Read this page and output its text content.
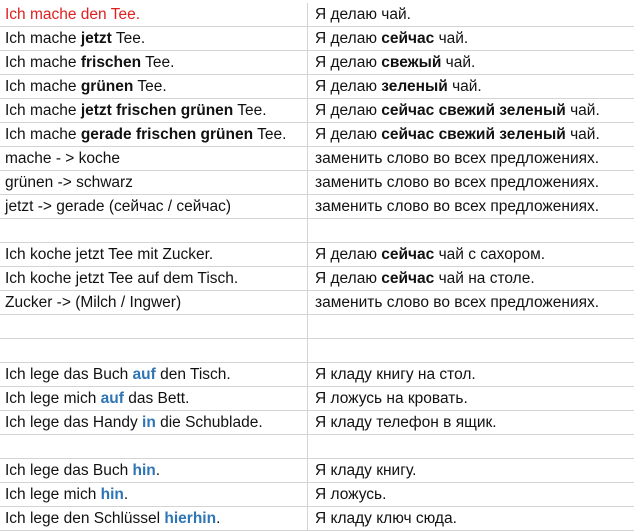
Ich mache den Tee.	Я делаю чай.
Ich mache jetzt Tee.	Я делаю сейчас чай.
Ich mache frischen Tee.	Я делаю свежый чай.
Ich mache grünen Tee.	Я делаю зеленый чай.
Ich mache jetzt frischen grünen Tee.	Я делаю сейчас свежий зеленый чай.
Ich mache gerade frischen grünen Tee.	Я делаю сейчас свежий зеленый чай.
mache - > koche	заменить слово во всех предложениях.
grünen -> schwarz	заменить слово во всех предложениях.
jetzt -> gerade (сейчас / сейчас)	заменить слово во всех предложениях.
Ich koche jetzt Tee mit Zucker.	Я делаю сейчас чай с сахором.
Ich koche jetzt Tee auf dem Tisch.	Я делаю сейчас чай на столе.
Zucker -> (Milch / Ingwer)	заменить слово во всех предложениях.
Ich lege das Buch auf den Tisch.	Я кладу книгу на стол.
Ich lege mich auf das Bett.	Я ложусь на кровать.
Ich lege das Handy in die Schublade.	Я кладу телефон в ящик.
Ich lege das Buch hin.	Я кладу книгу.
Ich lege mich hin.	Я ложусь.
Ich lege den Schlüssel hierhin.	Я кладу ключ сюда.
